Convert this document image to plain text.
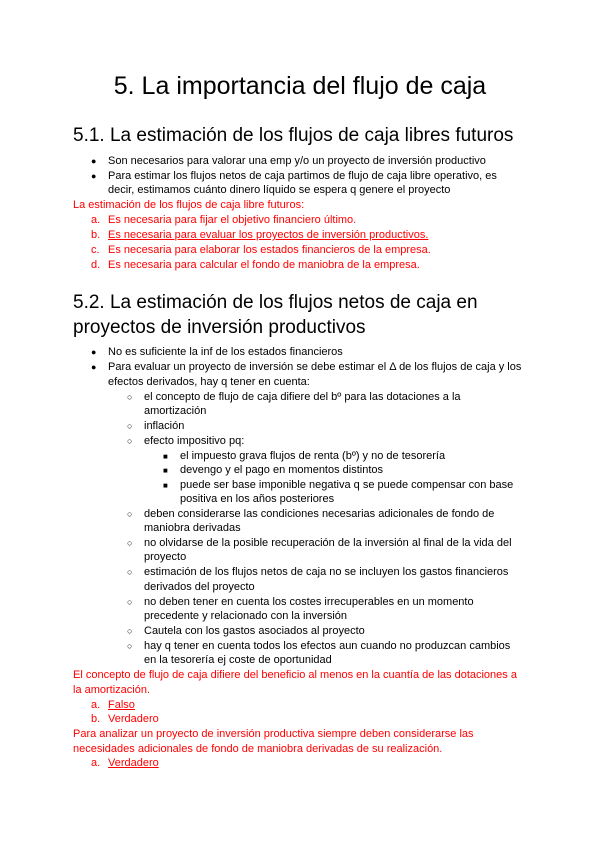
5. La importancia del flujo de caja
5.1. La estimación de los flujos de caja libres futuros
● Son necesarios para valorar una emp y/o un proyecto de inversión productivo
● Para estimar los flujos netos de caja partimos de flujo de caja libre operativo, es
decir, estimamos cuánto dinero líquido se espera q genere el proyecto
La estimación de los flujos de caja libre futuros:
a. Es necesaria para fijar el objetivo financiero último.
b. Es necesaria para evaluar los proyectos de inversión productivos.
c. Es necesaria para elaborar los estados financieros de la empresa.
d. Es necesaria para calcular el fondo de maniobra de la empresa.
5.2. La estimación de los flujos netos de caja en
proyectos de inversión productivos
● No es suficiente la inf de los estados financieros
● Para evaluar un proyecto de inversión se debe estimar el Δ de los flujos de caja y los
efectos derivados, hay q tener en cuenta:
○ el concepto de flujo de caja difiere del bº para las dotaciones a la
amortización
○ inflación
○ efecto impositivo pq:
■ el impuesto grava flujos de renta (bº) y no de tesorería
■ devengo y el pago en momentos distintos
■ puede ser base imponible negativa q se puede compensar con base
positiva en los años posteriores
○ deben considerarse las condiciones necesarias adicionales de fondo de
maniobra derivadas
○ no olvidarse de la posible recuperación de la inversión al final de la vida del
proyecto
○ estimación de los flujos netos de caja no se incluyen los gastos financieros
derivados del proyecto
○ no deben tener en cuenta los costes irrecuperables en un momento
precedente y relacionado con la inversión
○ Cautela con los gastos asociados al proyecto
○ hay q tener en cuenta todos los efectos aun cuando no produzcan cambios
en la tesorería ej coste de oportunidad
El concepto de flujo de caja difiere del beneficio al menos en la cuantía de las dotaciones a
la amortización.
a. Falso
b. Verdadero
Para analizar un proyecto de inversión productiva siempre deben considerarse las
necesidades adicionales de fondo de maniobra derivadas de su realización.
a. Verdadero
